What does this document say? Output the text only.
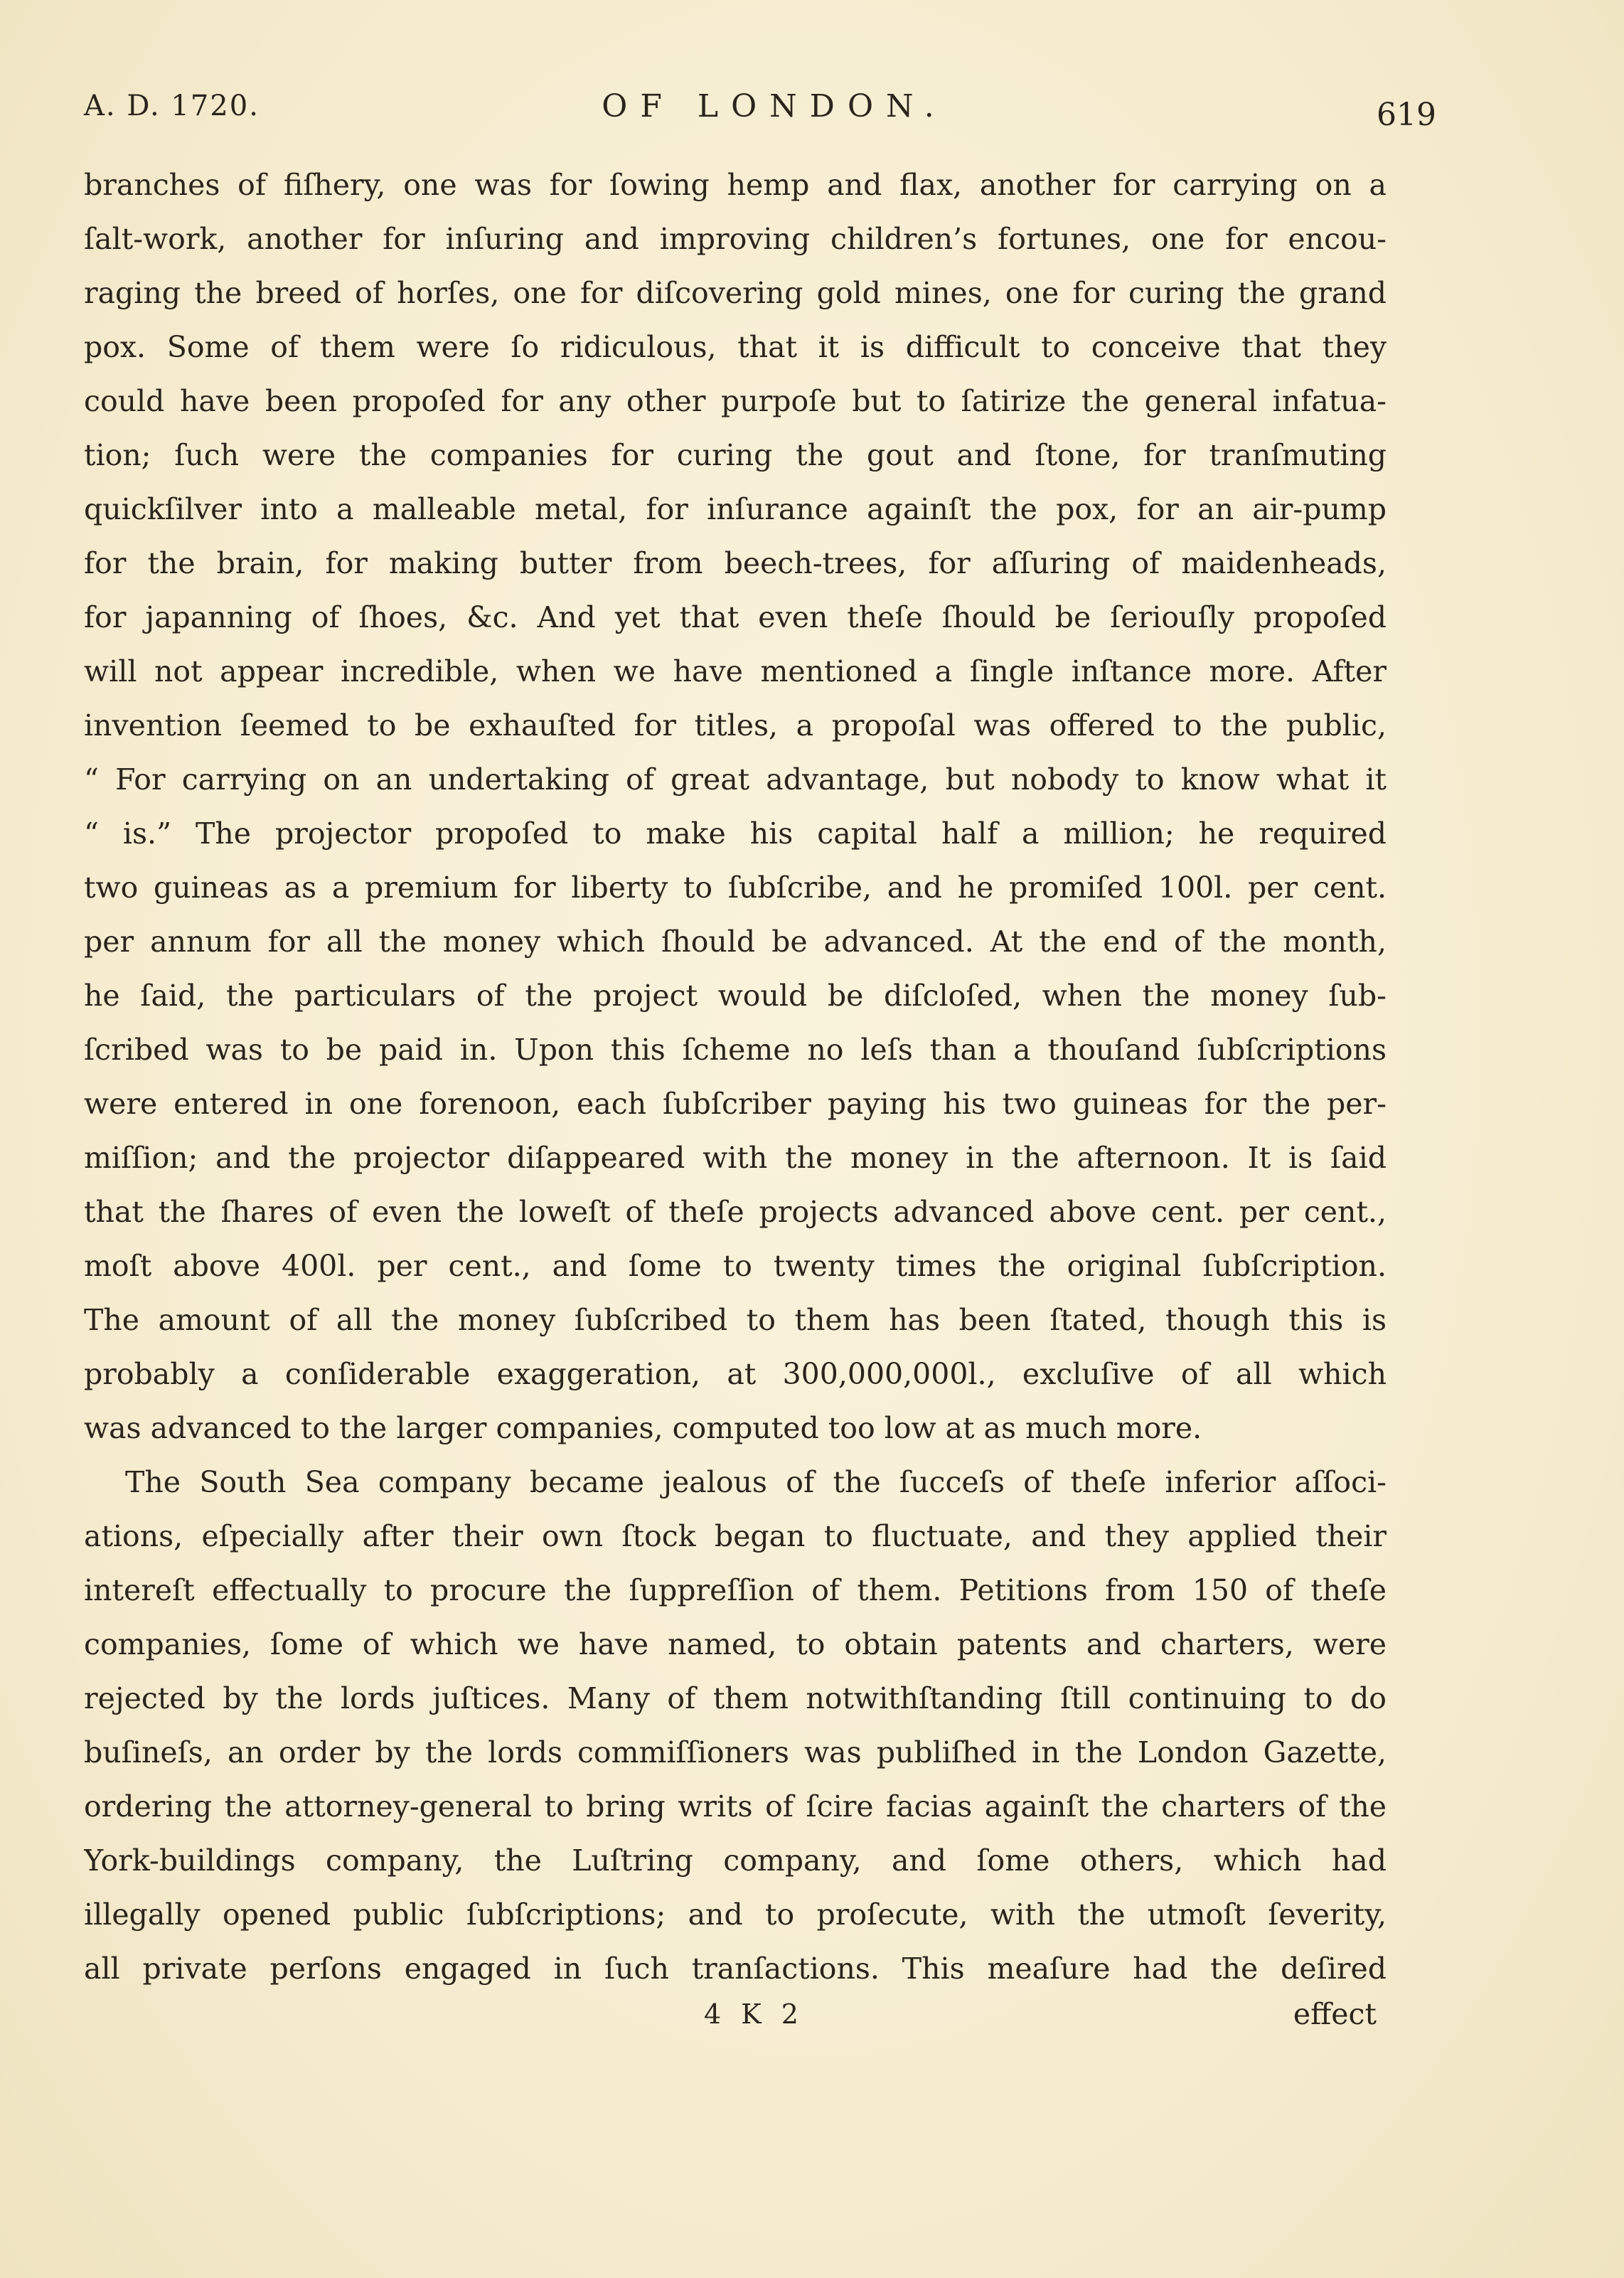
A. D. 1720.	OF LONDON.	619
branches of fiſhery, one was for ſowing hemp and flax, another for carrying on a
ſalt-work, another for inſuring and improving children’s fortunes, one for encou-
raging the breed of horſes, one for diſcovering gold mines, one for curing the grand
pox. Some of them were ſo ridiculous, that it is difficult to conceive that they
could have been propoſed for any other purpoſe but to ſatirize the general infatua-
tion; ſuch were the companies for curing the gout and ſtone, for tranſmuting
quickſilver into a malleable metal, for inſurance againſt the pox, for an air-pump
for the brain, for making butter from beech-trees, for aſſuring of maidenheads,
for japanning of ſhoes, &c. And yet that even theſe ſhould be ſeriouſly propoſed
will not appear incredible, when we have mentioned a ſingle inſtance more. After
invention ſeemed to be exhauſted for titles, a propoſal was offered to the public,
“ For carrying on an undertaking of great advantage, but nobody to know what it
“ is.” The projector propoſed to make his capital half a million; he required
two guineas as a premium for liberty to ſubſcribe, and he promiſed 100l. per cent.
per annum for all the money which ſhould be advanced. At the end of the month,
he ſaid, the particulars of the project would be diſcloſed, when the money ſub-
ſcribed was to be paid in. Upon this ſcheme no leſs than a thouſand ſubſcriptions
were entered in one forenoon, each ſubſcriber paying his two guineas for the per-
miſſion; and the projector diſappeared with the money in the afternoon. It is ſaid
that the ſhares of even the loweſt of theſe projects advanced above cent. per cent.,
moſt above 400l. per cent., and ſome to twenty times the original ſubſcription.
The amount of all the money ſubſcribed to them has been ſtated, though this is
probably a conſiderable exaggeration, at 300,000,000l., excluſive of all which
was advanced to the larger companies, computed too low at as much more.
The South Sea company became jealous of the ſucceſs of theſe inferior aſſoci-
ations, eſpecially after their own ſtock began to fluctuate, and they applied their
intereſt effectually to procure the ſuppreſſion of them. Petitions from 150 of theſe
companies, ſome of which we have named, to obtain patents and charters, were
rejected by the lords juſtices. Many of them notwithſtanding ſtill continuing to do
buſineſs, an order by the lords commiſſioners was publiſhed in the London Gazette,
ordering the attorney-general to bring writs of ſcire facias againſt the charters of the
York-buildings company, the Luſtring company, and ſome others, which had
illegally opened public ſubſcriptions; and to proſecute, with the utmoſt ſeverity,
all private perſons engaged in ſuch tranſactions. This meaſure had the deſired
4 K 2	effect
